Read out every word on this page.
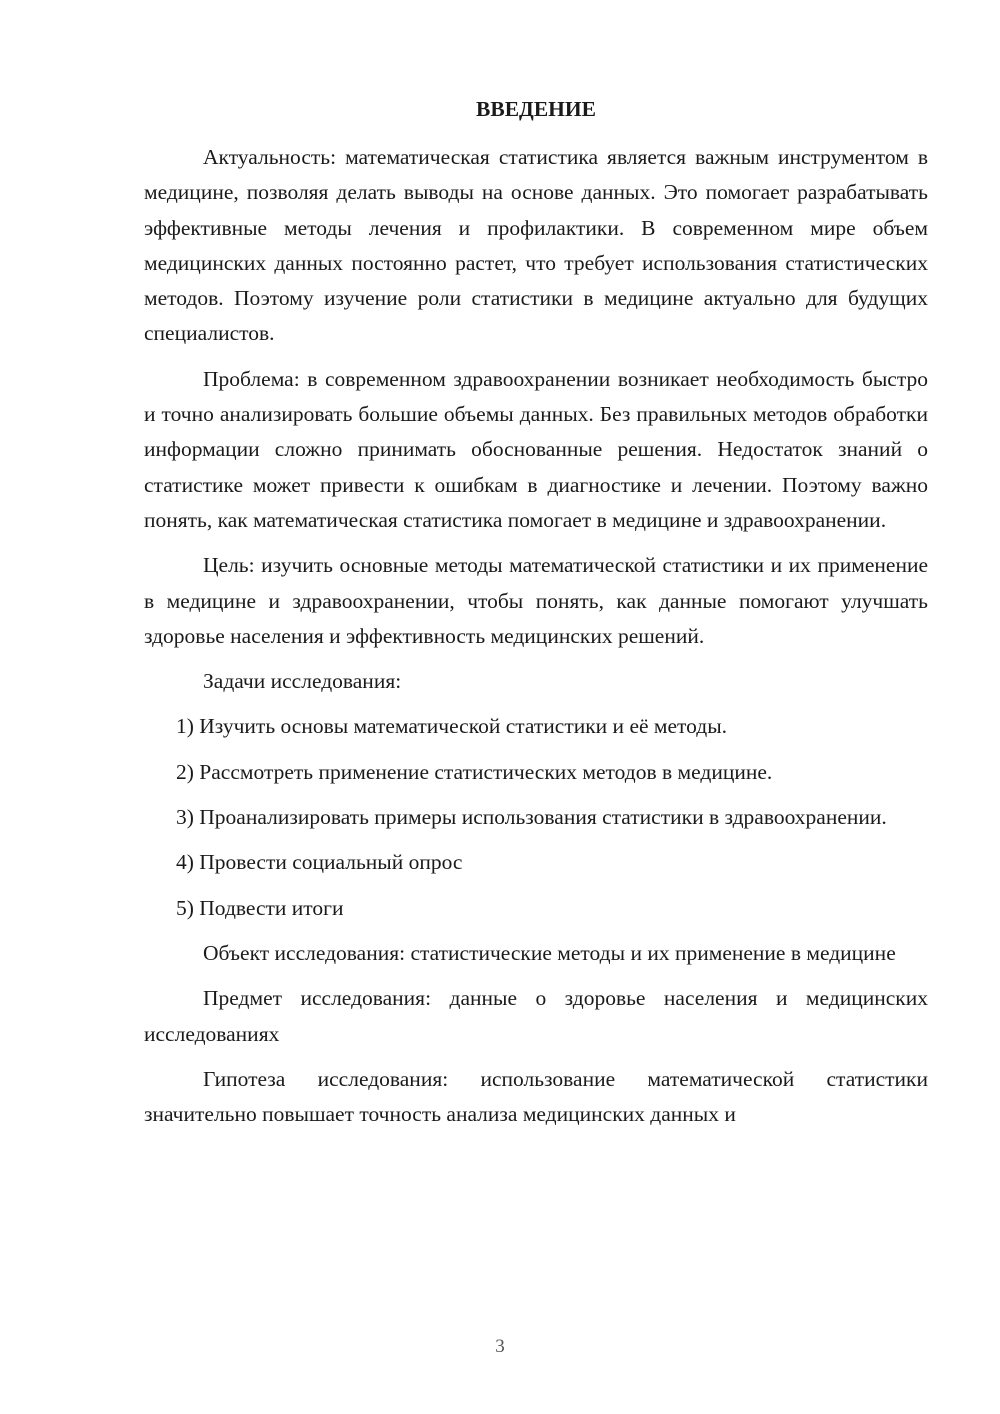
ВВЕДЕНИЕ

Актуальность: математическая статистика является важным инструментом в медицине, позволяя делать выводы на основе данных. Это помогает разрабатывать эффективные методы лечения и профилактики. В современном мире объем медицинских данных постоянно растет, что требует использования статистических методов. Поэтому изучение роли статистики в медицине актуально для будущих специалистов.

Проблема: в современном здравоохранении возникает необходимость быстро и точно анализировать большие объемы данных. Без правильных методов обработки информации сложно принимать обоснованные решения. Недостаток знаний о статистике может привести к ошибкам в диагностике и лечении. Поэтому важно понять, как математическая статистика помогает в медицине и здравоохранении.

Цель: изучить основные методы математической статистики и их применение в медицине и здравоохранении, чтобы понять, как данные помогают улучшать здоровье населения и эффективность медицинских решений.

Задачи исследования:

1) Изучить основы математической статистики и её методы.

2) Рассмотреть применение статистических методов в медицине.

3) Проанализировать примеры использования статистики в здравоохранении.

4) Провести социальный опрос

5) Подвести итоги

Объект исследования: статистические методы и их применение в медицине

Предмет исследования: данные о здоровье населения и медицинских исследованиях

Гипотеза исследования: использование математической статистики значительно повышает точность анализа медицинских данных и

3
